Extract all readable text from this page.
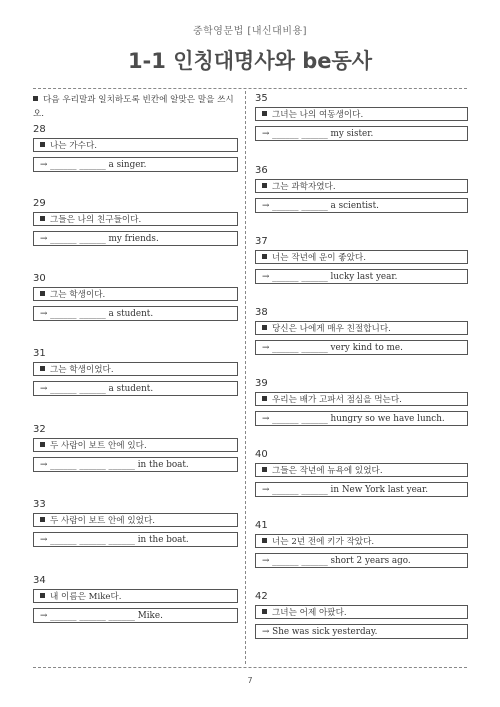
중학영문법 [내신대비용]
1-1 인칭대명사와 be동사
다음 우리말과 일치하도록 빈칸에 알맞은 말을 쓰시오.
28
나는 가수다.
→ ______ ______ a singer.
29
그들은 나의 친구들이다.
→ ______ ______ my friends.
30
그는 학생이다.
→ ______ ______ a student.
31
그는 학생이었다.
→ ______ ______ a student.
32
두 사람이 보트 안에 있다.
→ ______ ______ ______ in the boat.
33
두 사람이 보트 안에 있었다.
→ ______ ______ ______ in the boat.
34
내 이름은 Mike다.
→ ______ ______ ______ Mike.
35
그녀는 나의 여동생이다.
→ ______ ______ my sister.
36
그는 과학자였다.
→ ______ ______ a scientist.
37
너는 작년에 운이 좋았다.
→ ______ ______ lucky last year.
38
당신은 나에게 매우 친절합니다.
→ ______ ______ very kind to me.
39
우리는 배가 고파서 점심을 먹는다.
→ ______ ______ hungry so we have lunch.
40
그들은 작년에 뉴욕에 있었다.
→ ______ ______ in New York last year.
41
너는 2년 전에 키가 작았다.
→ ______ ______ short 2 years ago.
42
그녀는 어제 아팠다.
→ She was sick yesterday.
7
